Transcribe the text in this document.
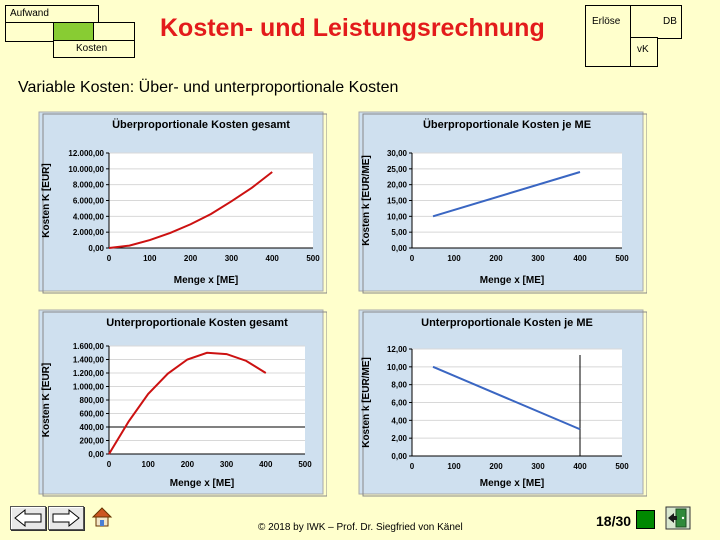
Aufwand
Kosten
Erlöse	DB
vK
Kosten- und Leistungsrechnung
Variable Kosten: Über- und unterproportionale Kosten
Überproportionale Kosten gesamt
0,00
2.000,00
4.000,00
6.000,00
8.000,00
10.000,00
12.000,00
0	100	200	300	400	500
Menge x [ME]
Kosten K [EUR]
Überproportionale Kosten je ME
0,00
5,00
10,00
15,00
20,00
25,00
30,00
0	100	200	300	400	500
Menge x [ME]
Kosten k [EUR/ME]
Unterproportionale Kosten gesamt
0,00
200,00
400,00
600,00
800,00
1.000,00
1.200,00
1.400,00
1.600,00
0	100	200	300	400	500
Menge x [ME]
Kosten K [EUR]
Unterproportionale Kosten je ME
0,00
2,00
4,00
6,00
8,00
10,00
12,00
0	100	200	300	400	500
Menge x [ME]
Kosten k [EUR/ME]
© 2018 by IWK – Prof. Dr. Siegfried von Känel	18/30
